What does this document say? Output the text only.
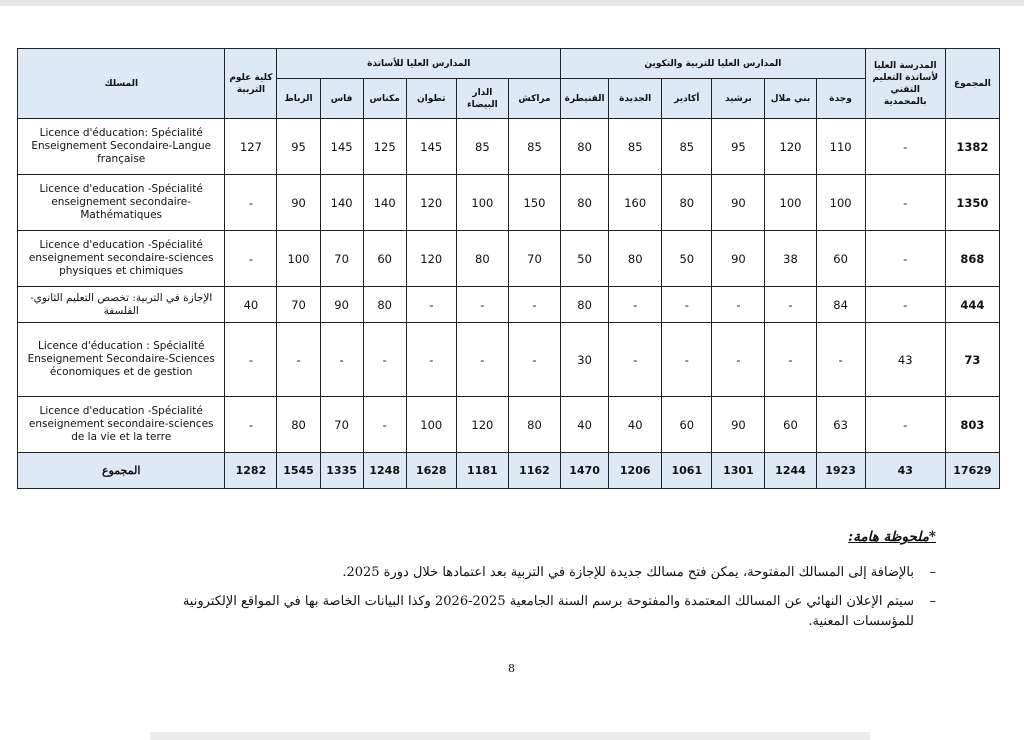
المسلك	كلية علوم التربية	المدارس العليا للأساتذة						المدارس العليا للتربية والتكوين						المدرسة العليا لأساتذة التعليم التقني بالمحمدية	المجموع
		الرباط	فاس	مكناس	تطوان	الدار البيضاء	مراكش	القنيطرة	الجديدة	أكادير	برشيد	بني ملال	وجدة		
Licence d'éducation: Spécialité Enseignement Secondaire-Langue française	127	95	145	125	145	85	85	80	85	85	95	120	110	-	1382
Licence d'education -Spécialité enseignement secondaire-Mathématiques	-	90	140	140	120	100	150	80	160	80	90	100	100	-	1350
Licence d'education -Spécialité enseignement secondaire-sciences physiques et chimiques	-	100	70	60	120	80	70	50	80	50	90	38	60	-	868
الإجازة في التربية: تخصص التعليم الثانوي- الفلسفة	40	70	90	80	-	-	-	80	-	-	-	-	84	-	444
Licence d'éducation : Spécialité Enseignement Secondaire-Sciences économiques et de gestion	-	-	-	-	-	-	-	30	-	-	-	-	-	43	73
Licence d'education -Spécialité enseignement secondaire-sciences de la vie et la terre	-	80	70	-	100	120	80	40	40	60	90	60	63	-	803
المجموع	1282	1545	1335	1248	1628	1181	1162	1470	1206	1061	1301	1244	1923	43	17629
*ملحوظة هامة:
– بالإضافة إلى المسالك المفتوحة، يمكن فتح مسالك جديدة للإجازة في التربية بعد اعتمادها خلال دورة 2025.
– سيتم الإعلان النهائي عن المسالك المعتمدة والمفتوحة برسم السنة الجامعية 2025-2026 وكذا البيانات الخاصة بها في المواقع الإلكترونية للمؤسسات المعنية.
8
